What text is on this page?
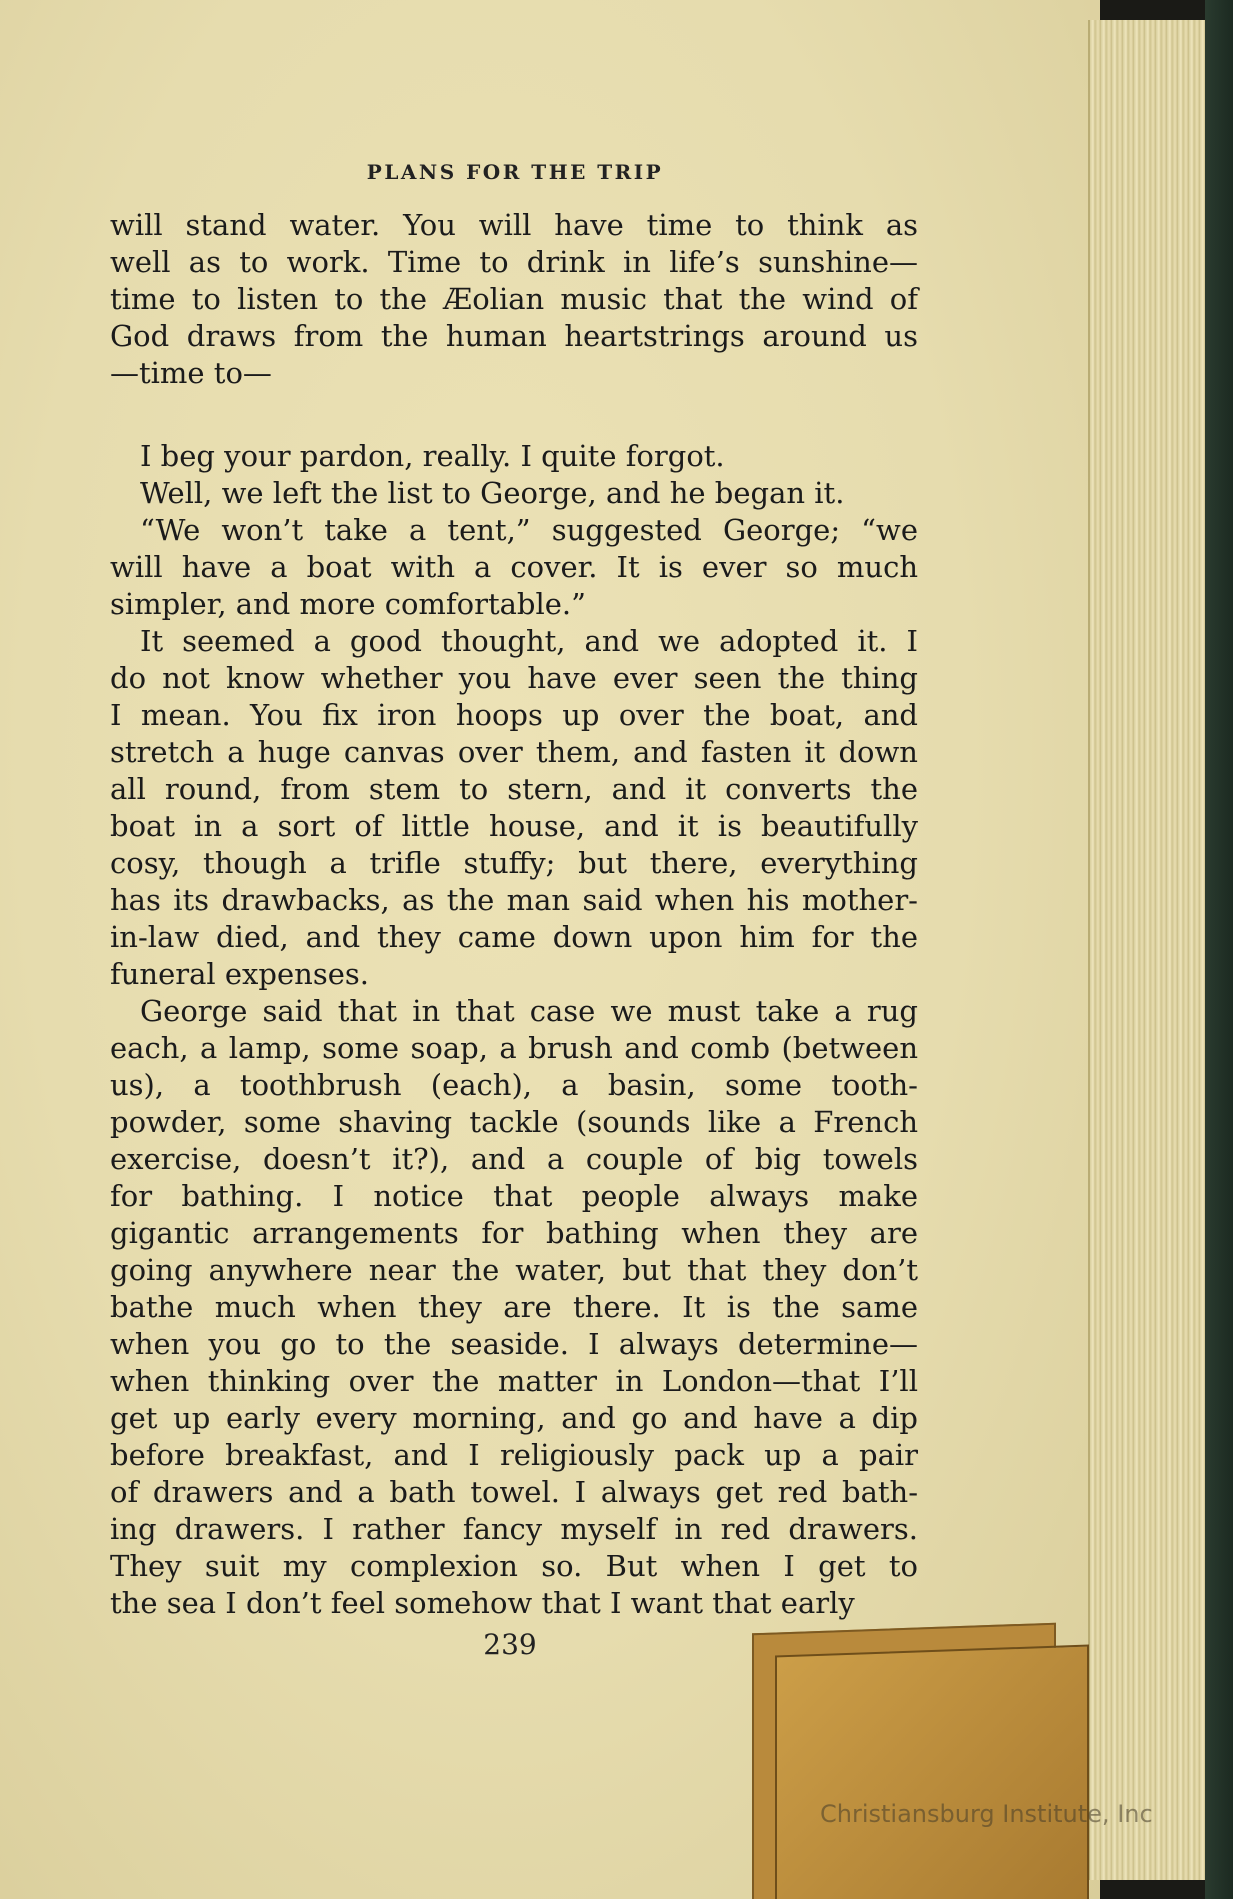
PLANS FOR THE TRIP
will stand water. You will have time to think as
well as to work. Time to drink in life’s sunshine—
time to listen to the Æolian music that the wind of
God draws from the human heartstrings around us
—time to—
I beg your pardon, really. I quite forgot.
Well, we left the list to George, and he began it.
“We won’t take a tent,” suggested George; “we
will have a boat with a cover. It is ever so much
simpler, and more comfortable.”
It seemed a good thought, and we adopted it. I
do not know whether you have ever seen the thing
I mean. You fix iron hoops up over the boat, and
stretch a huge canvas over them, and fasten it down
all round, from stem to stern, and it converts the
boat in a sort of little house, and it is beautifully
cosy, though a trifle stuffy; but there, everything
has its drawbacks, as the man said when his mother-
in-law died, and they came down upon him for the
funeral expenses.
George said that in that case we must take a rug
each, a lamp, some soap, a brush and comb (between
us), a toothbrush (each), a basin, some tooth-
powder, some shaving tackle (sounds like a French
exercise, doesn’t it?), and a couple of big towels
for bathing. I notice that people always make
gigantic arrangements for bathing when they are
going anywhere near the water, but that they don’t
bathe much when they are there. It is the same
when you go to the seaside. I always determine—
when thinking over the matter in London—that I’ll
get up early every morning, and go and have a dip
before breakfast, and I religiously pack up a pair
of drawers and a bath towel. I always get red bath-
ing drawers. I rather fancy myself in red drawers.
They suit my complexion so. But when I get to
the sea I don’t feel somehow that I want that early
239
Christiansburg Institute, Inc
